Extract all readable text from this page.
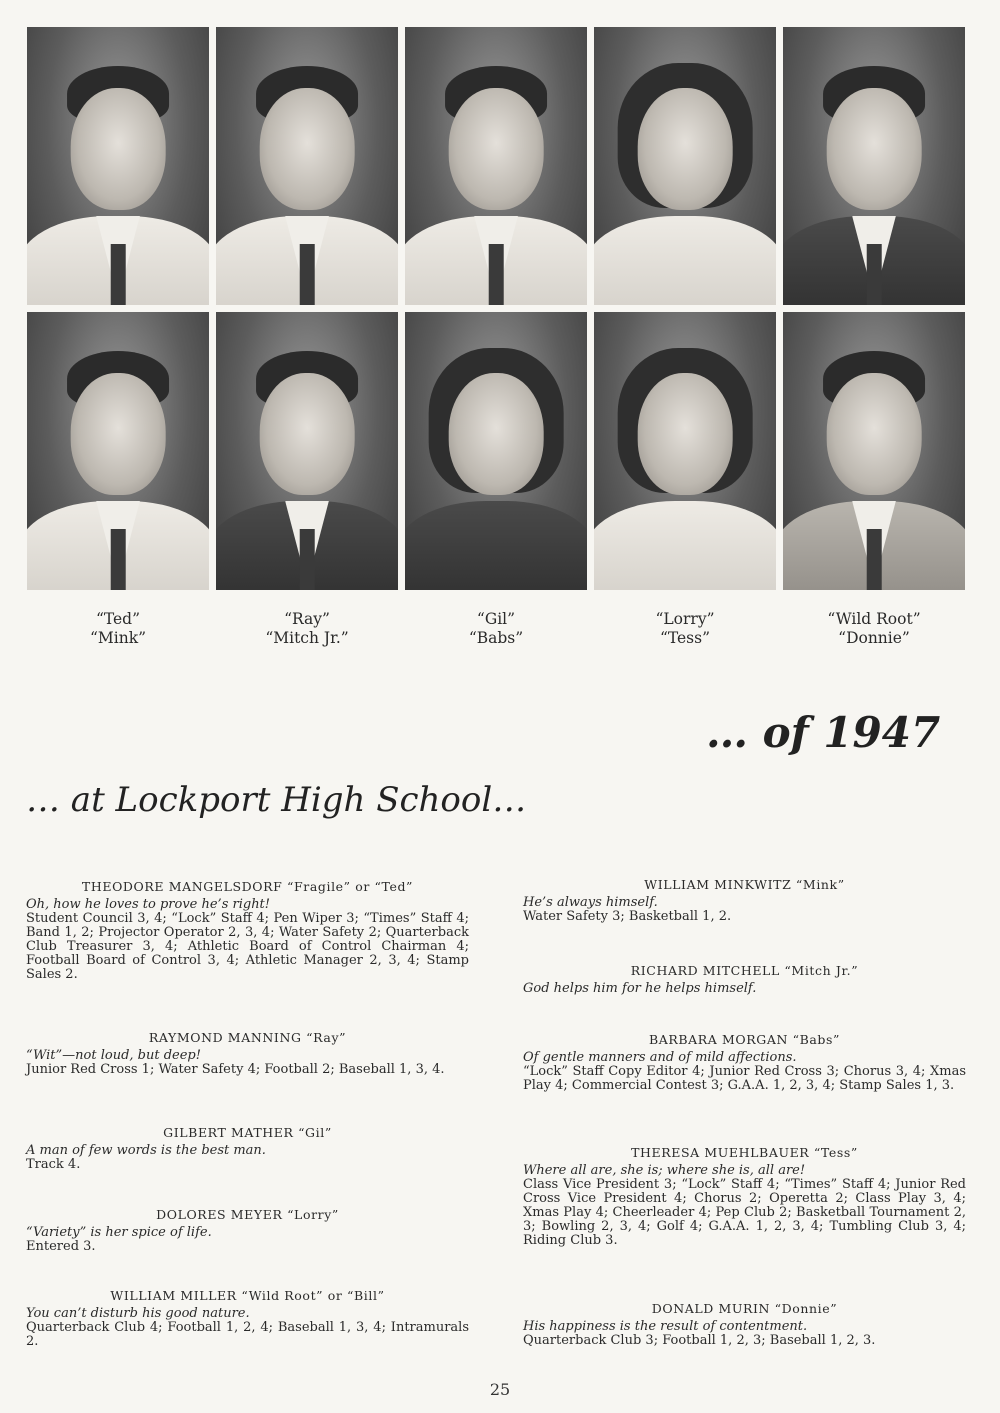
“Ted”
“Mink”
“Ray”
“Mitch Jr.”
“Gil”
“Babs”
“Lorry”
“Tess”
“Wild Root”
“Donnie”
… of 1947
… at Lockport High School…
THEODORE MANGELSDORF “Fragile” or “Ted”
Oh, how he loves to prove he’s right!
Student Council 3, 4; “Lock” Staff 4; Pen Wiper 3; “Times” Staff 4; Band 1, 2; Projector Operator 2, 3, 4; Water Safety 2; Quarterback Club Treasurer 3, 4; Athletic Board of Control Chairman 4; Football Board of Control 3, 4; Athletic Manager 2, 3, 4; Stamp Sales 2.
RAYMOND MANNING “Ray”
“Wit”—not loud, but deep!
Junior Red Cross 1; Water Safety 4; Football 2; Baseball 1, 3, 4.
GILBERT MATHER “Gil”
A man of few words is the best man.
Track 4.
DOLORES MEYER “Lorry”
“Variety” is her spice of life.
Entered 3.
WILLIAM MILLER “Wild Root” or “Bill”
You can’t disturb his good nature.
Quarterback Club 4; Football 1, 2, 4; Baseball 1, 3, 4; Intramurals 2.
WILLIAM MINKWITZ “Mink”
He’s always himself.
Water Safety 3; Basketball 1, 2.
RICHARD MITCHELL “Mitch Jr.”
God helps him for he helps himself.
BARBARA MORGAN “Babs”
Of gentle manners and of mild affections.
“Lock” Staff Copy Editor 4; Junior Red Cross 3; Chorus 3, 4; Xmas Play 4; Commercial Contest 3; G.A.A. 1, 2, 3, 4; Stamp Sales 1, 3.
THERESA MUEHLBAUER “Tess”
Where all are, she is; where she is, all are!
Class Vice President 3; “Lock” Staff 4; “Times” Staff 4; Junior Red Cross Vice President 4; Chorus 2; Operetta 2; Class Play 3, 4; Xmas Play 4; Cheerleader 4; Pep Club 2; Basketball Tournament 2, 3; Bowling 2, 3, 4; Golf 4; G.A.A. 1, 2, 3, 4; Tumbling Club 3, 4; Riding Club 3.
DONALD MURIN “Donnie”
His happiness is the result of contentment.
Quarterback Club 3; Football 1, 2, 3; Baseball 1, 2, 3.
25
